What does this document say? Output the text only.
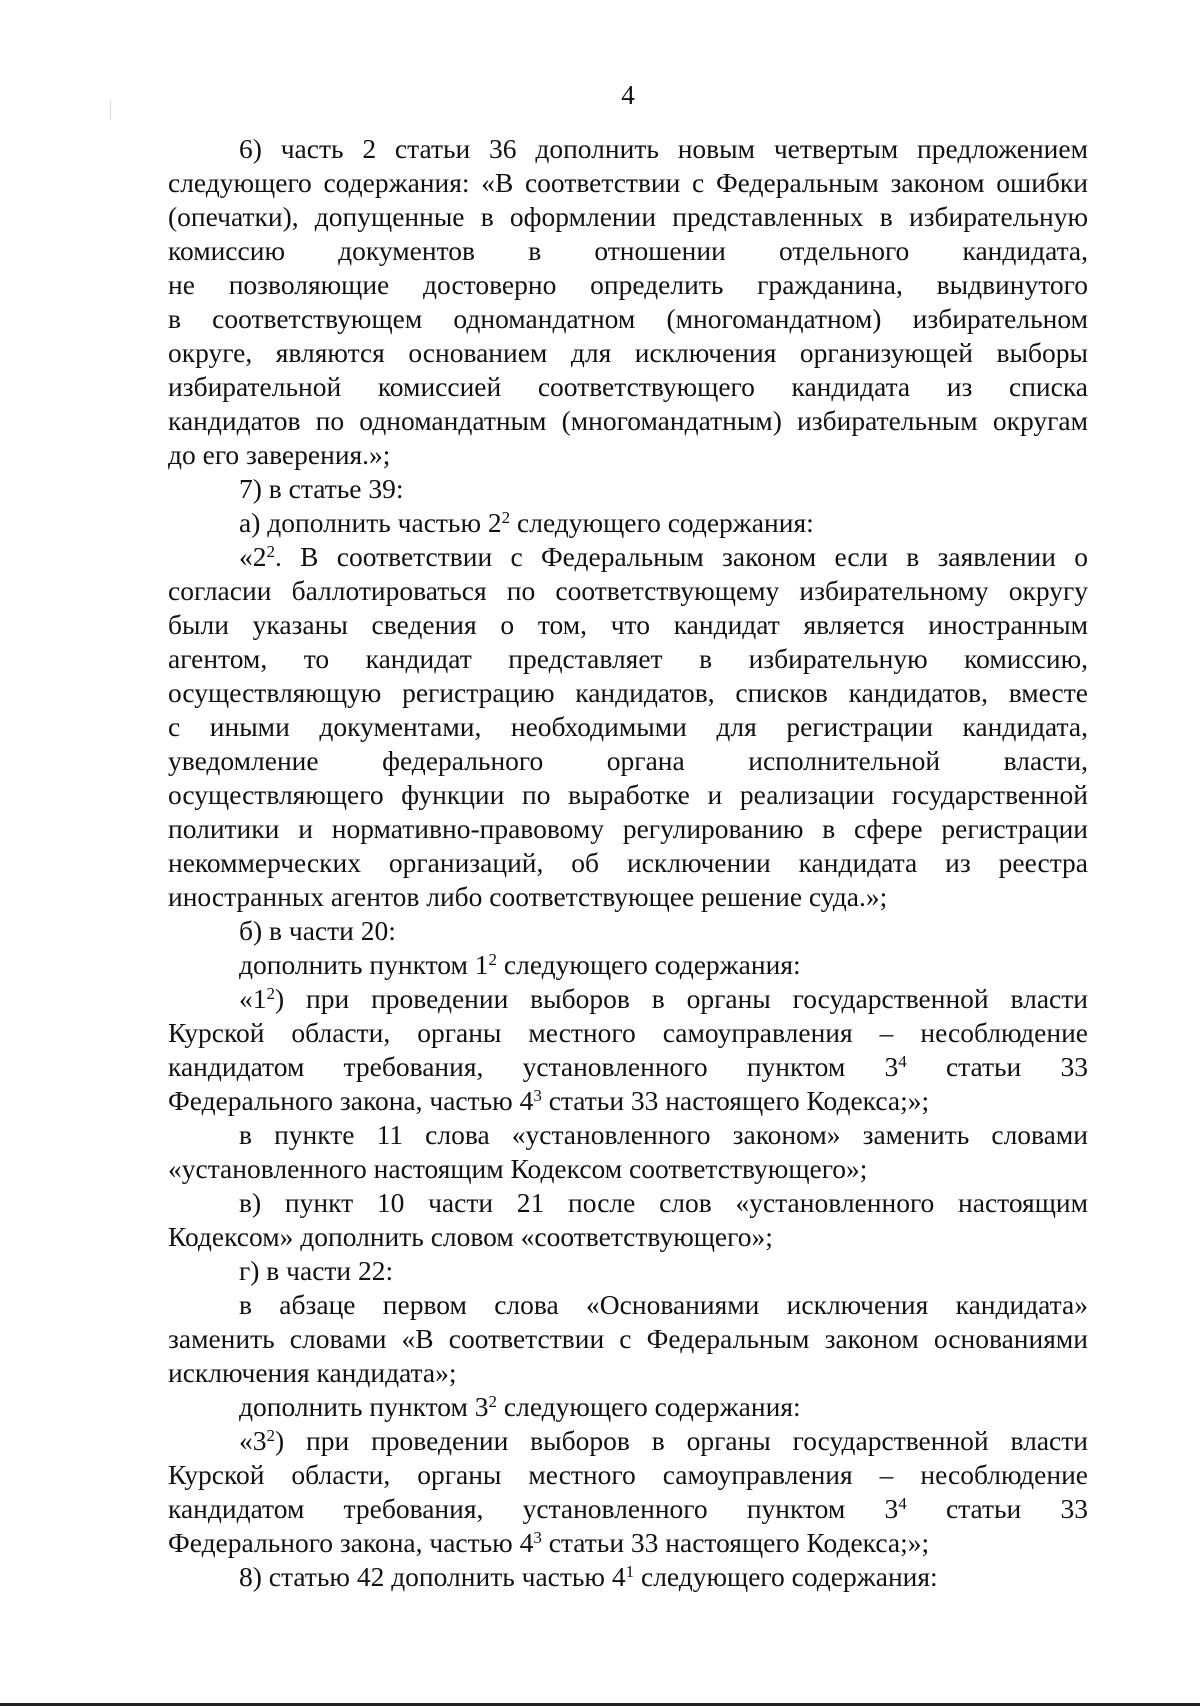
4
6) часть 2 статьи 36 дополнить новым четвертым предложением
следующего содержания: «В соответствии с Федеральным законом ошибки
(опечатки), допущенные в оформлении представленных в избирательную
комиссию документов в отношении отдельного кандидата,
не позволяющие достоверно определить гражданина, выдвинутого
в соответствующем одномандатном (многомандатном) избирательном
округе, являются основанием для исключения организующей выборы
избирательной комиссией соответствующего кандидата из списка
кандидатов по одномандатным (многомандатным) избирательным округам
до его заверения.»;
7) в статье 39:
а) дополнить частью $2^2$ следующего содержания:
«$2^2$. В соответствии с Федеральным законом если в заявлении о
согласии баллотироваться по соответствующему избирательному округу
были указаны сведения о том, что кандидат является иностранным
агентом, то кандидат представляет в избирательную комиссию,
осуществляющую регистрацию кандидатов, списков кандидатов, вместе
с иными документами, необходимыми для регистрации кандидата,
уведомление федерального органа исполнительной власти,
осуществляющего функции по выработке и реализации государственной
политики и нормативно-правовому регулированию в сфере регистрации
некоммерческих организаций, об исключении кандидата из реестра
иностранных агентов либо соответствующее решение суда.»;
б) в части 20:
дополнить пунктом $1^2$ следующего содержания:
«$1^2$) при проведении выборов в органы государственной власти
Курской области, органы местного самоуправления – несоблюдение
кандидатом требования, установленного пунктом $3^4$ статьи 33
Федерального закона, частью $4^3$ статьи 33 настоящего Кодекса;»;
в пункте 11 слова «установленного законом» заменить словами
«установленного настоящим Кодексом соответствующего»;
в) пункт 10 части 21 после слов «установленного настоящим
Кодексом» дополнить словом «соответствующего»;
г) в части 22:
в абзаце первом слова «Основаниями исключения кандидата»
заменить словами «В соответствии с Федеральным законом основаниями
исключения кандидата»;
дополнить пунктом $3^2$ следующего содержания:
«$3^2$) при проведении выборов в органы государственной власти
Курской области, органы местного самоуправления – несоблюдение
кандидатом требования, установленного пунктом $3^4$ статьи 33
Федерального закона, частью $4^3$ статьи 33 настоящего Кодекса;»;
8) статью 42 дополнить частью $4^1$ следующего содержания:
